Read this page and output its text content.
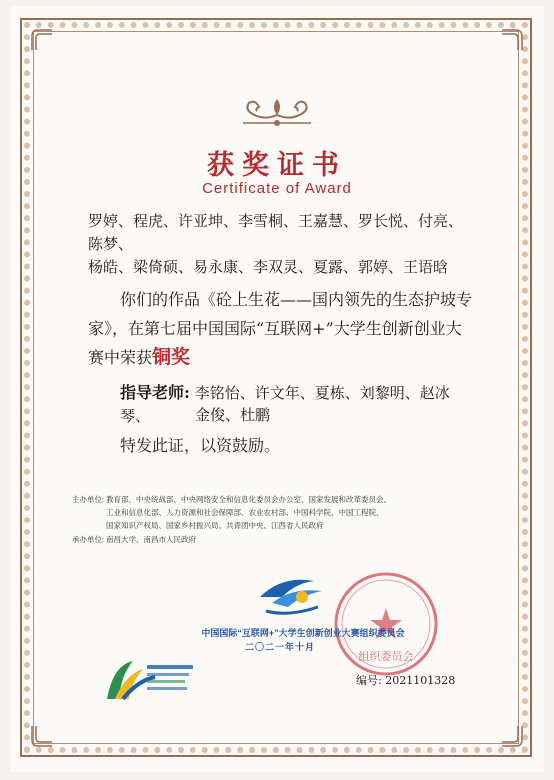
获奖证书
Certificate of Award
罗婷、程虎、许亚坤、李雪桐、王嘉慧、罗长悦、付亮、陈梦、
杨皓、梁倚硕、易永康、李双灵、夏露、郭婷、王语晗
你们的作品《砼上生花——国内领先的生态护坡专家》，在第七届中国国际“互联网+”大学生创新创业大赛中荣获铜奖
指导老师: 李铭怡、许文年、夏栋、刘黎明、赵冰琴、	金俊、杜鹏
特发此证，以资鼓励。
主办单位: 教育部、中央统战部、中央网络安全和信息化委员会办公室、国家发展和改革委员会、
工业和信息化部、人力资源和社会保障部、农业农村部、中国科学院、中国工程院、
国家知识产权局、国家乡村振兴局、共青团中央、江西省人民政府
承办单位: 南昌大学、南昌市人民政府
组织委员会
中国国际“互联网+”大学生创新创业大赛组织委员会
二〇二一年十月
编号: 2021101328
